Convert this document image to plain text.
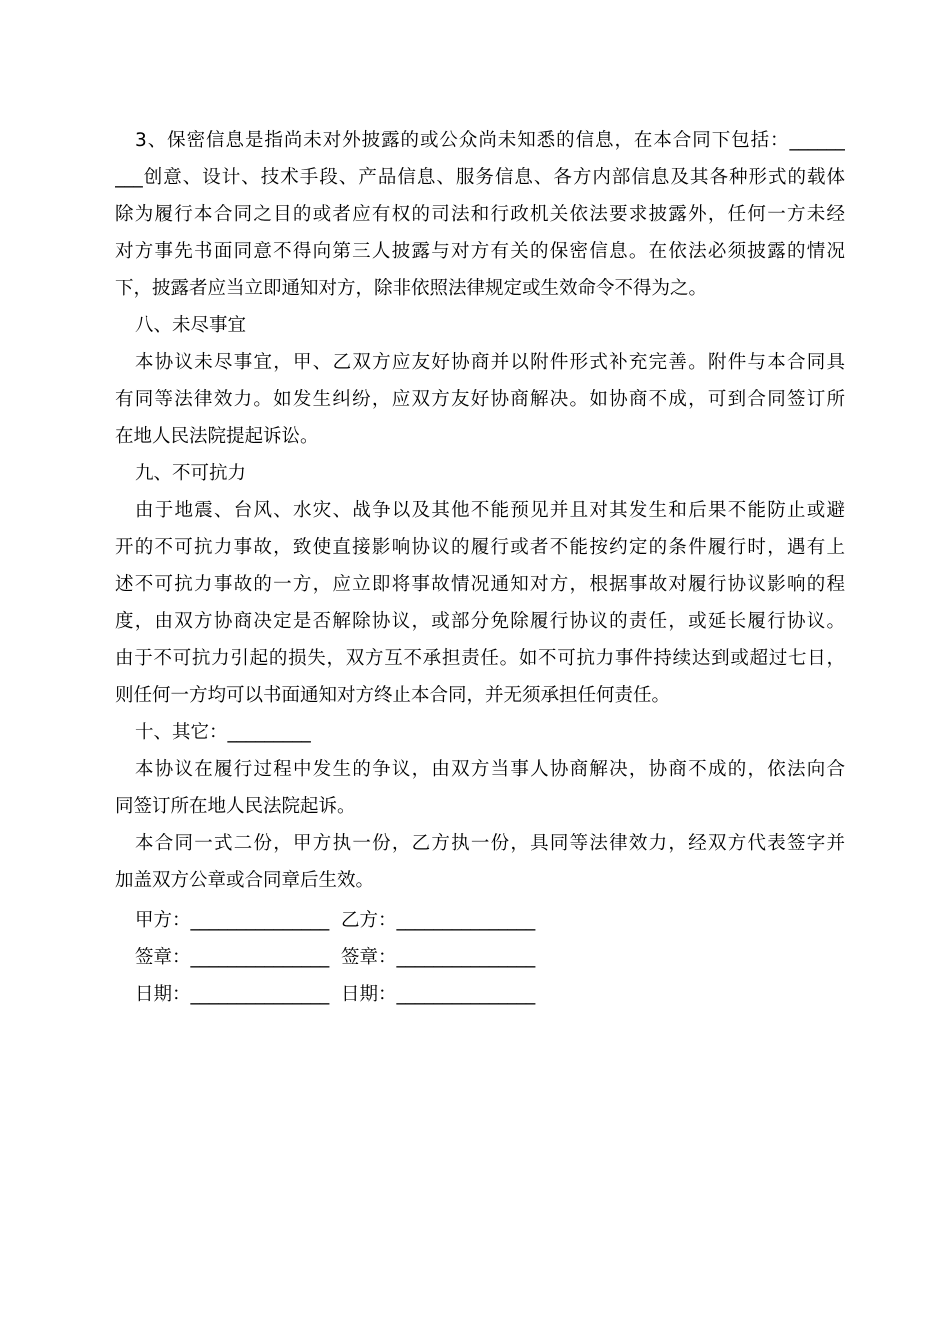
3、保密信息是指尚未对外披露的或公众尚未知悉的信息，在本合同下包括：______
___创意、设计、技术手段、产品信息、服务信息、各方内部信息及其各种形式的载体
除为履行本合同之目的或者应有权的司法和行政机关依法要求披露外，任何一方未经
对方事先书面同意不得向第三人披露与对方有关的保密信息。在依法必须披露的情况
下，披露者应当立即通知对方，除非依照法律规定或生效命令不得为之。
八、未尽事宜
本协议未尽事宜，甲、乙双方应友好协商并以附件形式补充完善。附件与本合同具
有同等法律效力。如发生纠纷，应双方友好协商解决。如协商不成，可到合同签订所
在地人民法院提起诉讼。
九、不可抗力
由于地震、台风、水灾、战争以及其他不能预见并且对其发生和后果不能防止或避
开的不可抗力事故，致使直接影响协议的履行或者不能按约定的条件履行时，遇有上
述不可抗力事故的一方，应立即将事故情况通知对方，根据事故对履行协议影响的程
度，由双方协商决定是否解除协议，或部分免除履行协议的责任，或延长履行协议。
由于不可抗力引起的损失，双方互不承担责任。如不可抗力事件持续达到或超过七日，
则任何一方均可以书面通知对方终止本合同，并无须承担任何责任。
十、其它：_________
本协议在履行过程中发生的争议，由双方当事人协商解决，协商不成的，依法向合
同签订所在地人民法院起诉。
本合同一式二份，甲方执一份，乙方执一份，具同等法律效力，经双方代表签字并
加盖双方公章或合同章后生效。
甲方：_______________  乙方：_______________
签章：_______________  签章：_______________
日期：_______________  日期：_______________
